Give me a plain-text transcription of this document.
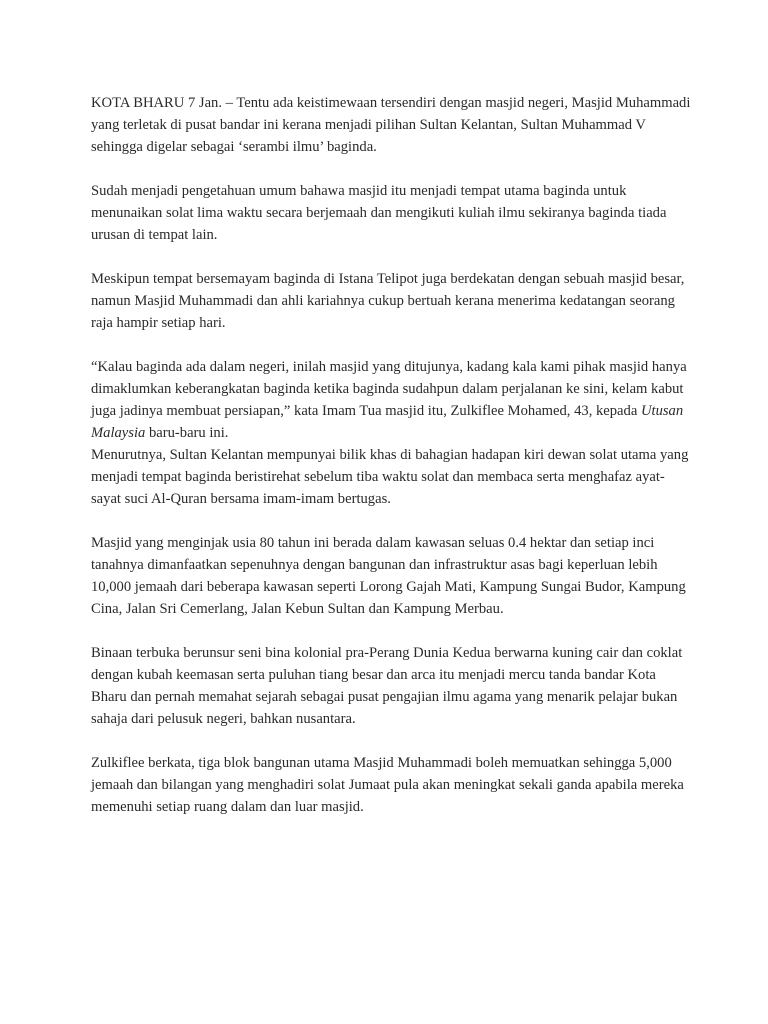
KOTA BHARU 7 Jan. – Tentu ada keistimewaan tersendiri dengan masjid negeri, Masjid Muhammadi yang terletak di pusat bandar ini kerana menjadi pilihan Sultan Kelantan, Sultan Muhammad V sehingga digelar sebagai ‘serambi ilmu’ baginda.

Sudah menjadi pengetahuan umum bahawa masjid itu menjadi tempat utama baginda untuk menunaikan solat lima waktu secara berjemaah dan mengikuti kuliah ilmu sekiranya baginda tiada urusan di tempat lain.

Meskipun tempat bersemayam baginda di Istana Telipot juga berdekatan dengan sebuah masjid besar, namun Masjid Muhammadi dan ahli kariahnya cukup bertuah kerana menerima kedatangan seorang raja hampir setiap hari.

“Kalau baginda ada dalam negeri, inilah masjid yang ditujunya, kadang kala kami pihak masjid hanya dimaklumkan keberangkatan baginda ketika baginda sudahpun dalam perjalanan ke sini, kelam kabut juga jadinya membuat persiapan,” kata Imam Tua masjid itu, Zulkiflee Mohamed, 43, kepada Utusan Malaysia baru-baru ini.

Menurutnya, Sultan Kelantan mempunyai bilik khas di bahagian hadapan kiri dewan solat utama yang menjadi tempat baginda beristirehat sebelum tiba waktu solat dan membaca serta menghafaz ayat-sayat suci Al-Quran bersama imam-imam bertugas.

Masjid yang menginjak usia 80 tahun ini berada dalam kawasan seluas 0.4 hektar dan setiap inci tanahnya dimanfaatkan sepenuhnya dengan bangunan dan infrastruktur asas bagi keperluan lebih 10,000 jemaah dari beberapa kawasan seperti Lorong Gajah Mati, Kampung Sungai Budor, Kampung Cina, Jalan Sri Cemerlang, Jalan Kebun Sultan dan Kampung Merbau.

Binaan terbuka berunsur seni bina kolonial pra-Perang Dunia Kedua berwarna kuning cair dan coklat dengan kubah keemasan serta puluhan tiang besar dan arca itu menjadi mercu tanda bandar Kota Bharu dan pernah memahat sejarah sebagai pusat pengajian ilmu agama yang menarik pelajar bukan sahaja dari pelusuk negeri, bahkan nusantara.

Zulkiflee berkata, tiga blok bangunan utama Masjid Muhammadi boleh memuatkan sehingga 5,000 jemaah dan bilangan yang menghadiri solat Jumaat pula akan meningkat sekali ganda apabila mereka memenuhi setiap ruang dalam dan luar masjid.
